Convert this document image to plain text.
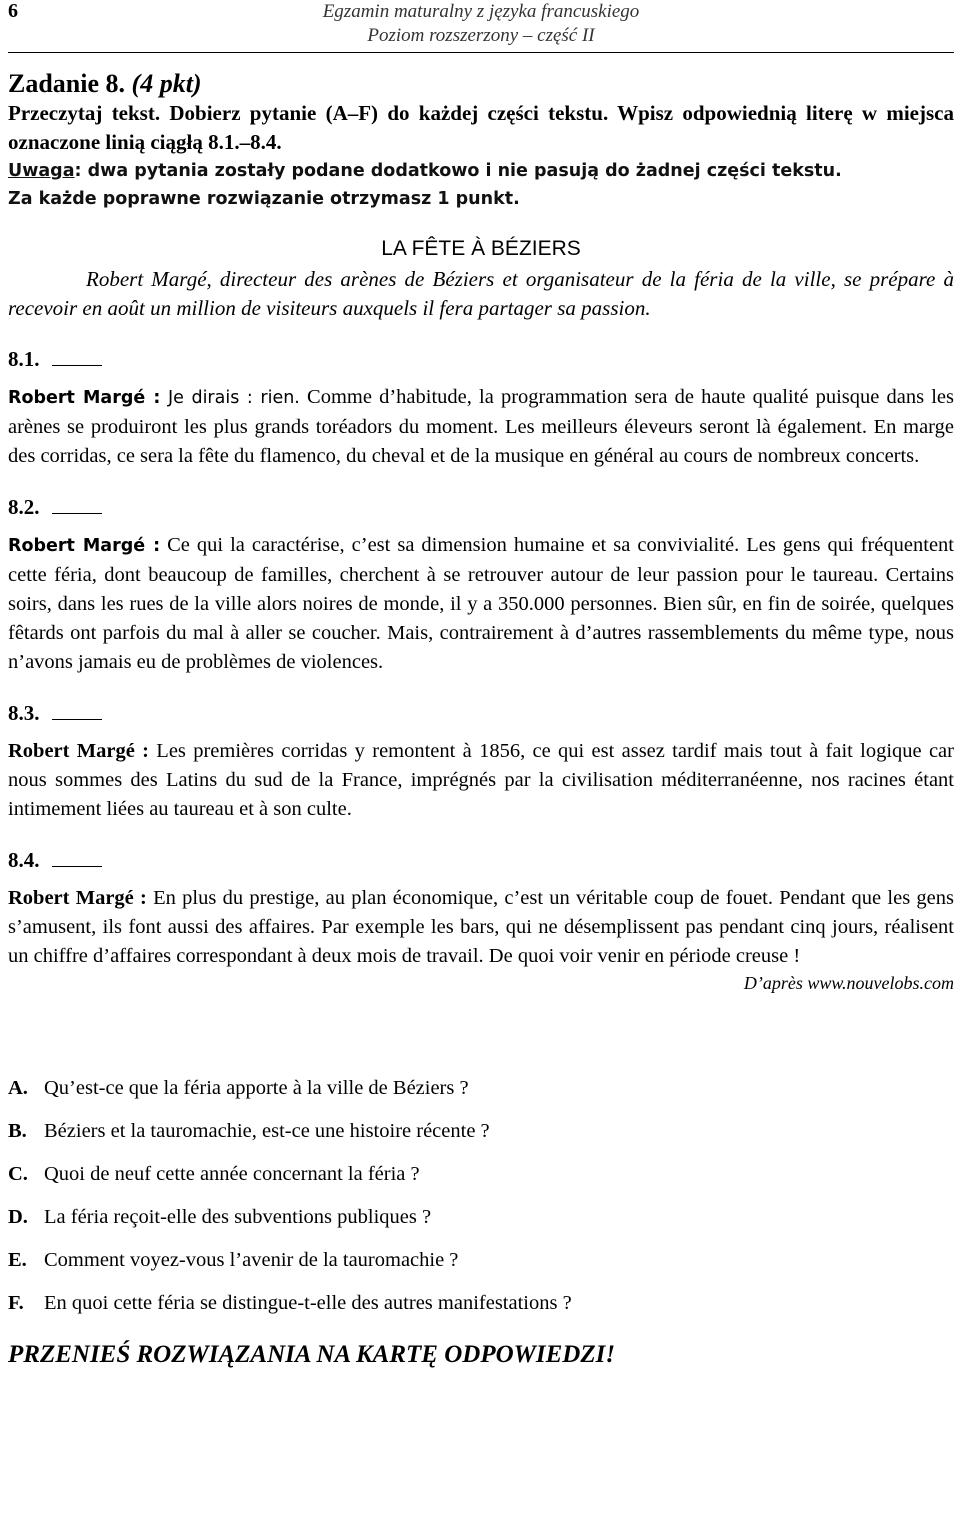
6	Egzamin maturalny z języka francuskiego
Poziom rozszerzony – część II
Zadanie 8. (4 pkt)
Przeczytaj tekst. Dobierz pytanie (A–F) do każdej części tekstu. Wpisz odpowiednią literę w miejsca oznaczone linią ciągłą 8.1.–8.4.
Uwaga: dwa pytania zostały podane dodatkowo i nie pasują do żadnej części tekstu.
Za każde poprawne rozwiązanie otrzymasz 1 punkt.
LA FÊTE À BÉZIERS

Robert Margé, directeur des arènes de Béziers et organisateur de la féria de la ville, se prépare à recevoir en août un million de visiteurs auxquels il fera partager sa passion.

8.1.
Robert Margé : Je dirais : rien. Comme d’habitude, la programmation sera de haute qualité puisque dans les arènes se produiront les plus grands toréadors du moment. Les meilleurs éleveurs seront là également. En marge des corridas, ce sera la fête du flamenco, du cheval et de la musique en général au cours de nombreux concerts.
8.2.
Robert Margé : Ce qui la caractérise, c’est sa dimension humaine et sa convivialité. Les gens qui fréquentent cette féria, dont beaucoup de familles, cherchent à se retrouver autour de leur passion pour le taureau. Certains soirs, dans les rues de la ville alors noires de monde, il y a 350.000 personnes. Bien sûr, en fin de soirée, quelques fêtards ont parfois du mal à aller se coucher. Mais, contrairement à d’autres rassemblements du même type, nous n’avons jamais eu de problèmes de violences.
8.3.
Robert Margé : Les premières corridas y remontent à 1856, ce qui est assez tardif mais tout à fait logique car nous sommes des Latins du sud de la France, imprégnés par la civilisation méditerranéenne, nos racines étant intimement liées au taureau et à son culte.
8.4.
Robert Margé : En plus du prestige, au plan économique, c’est un véritable coup de fouet. Pendant que les gens s’amusent, ils font aussi des affaires. Par exemple les bars, qui ne désemplissent pas pendant cinq jours, réalisent un chiffre d’affaires correspondant à deux mois de travail. De quoi voir venir en période creuse !
D’après www.nouvelobs.com
A. Qu’est-ce que la féria apporte à la ville de Béziers ?
B. Béziers et la tauromachie, est-ce une histoire récente ?
C. Quoi de neuf cette année concernant la féria ?
D. La féria reçoit-elle des subventions publiques ?
E. Comment voyez-vous l’avenir de la tauromachie ?
F. En quoi cette féria se distingue-t-elle des autres manifestations ?
PRZENIEŚ ROZWIĄZANIA NA KARTĘ ODPOWIEDZI!
